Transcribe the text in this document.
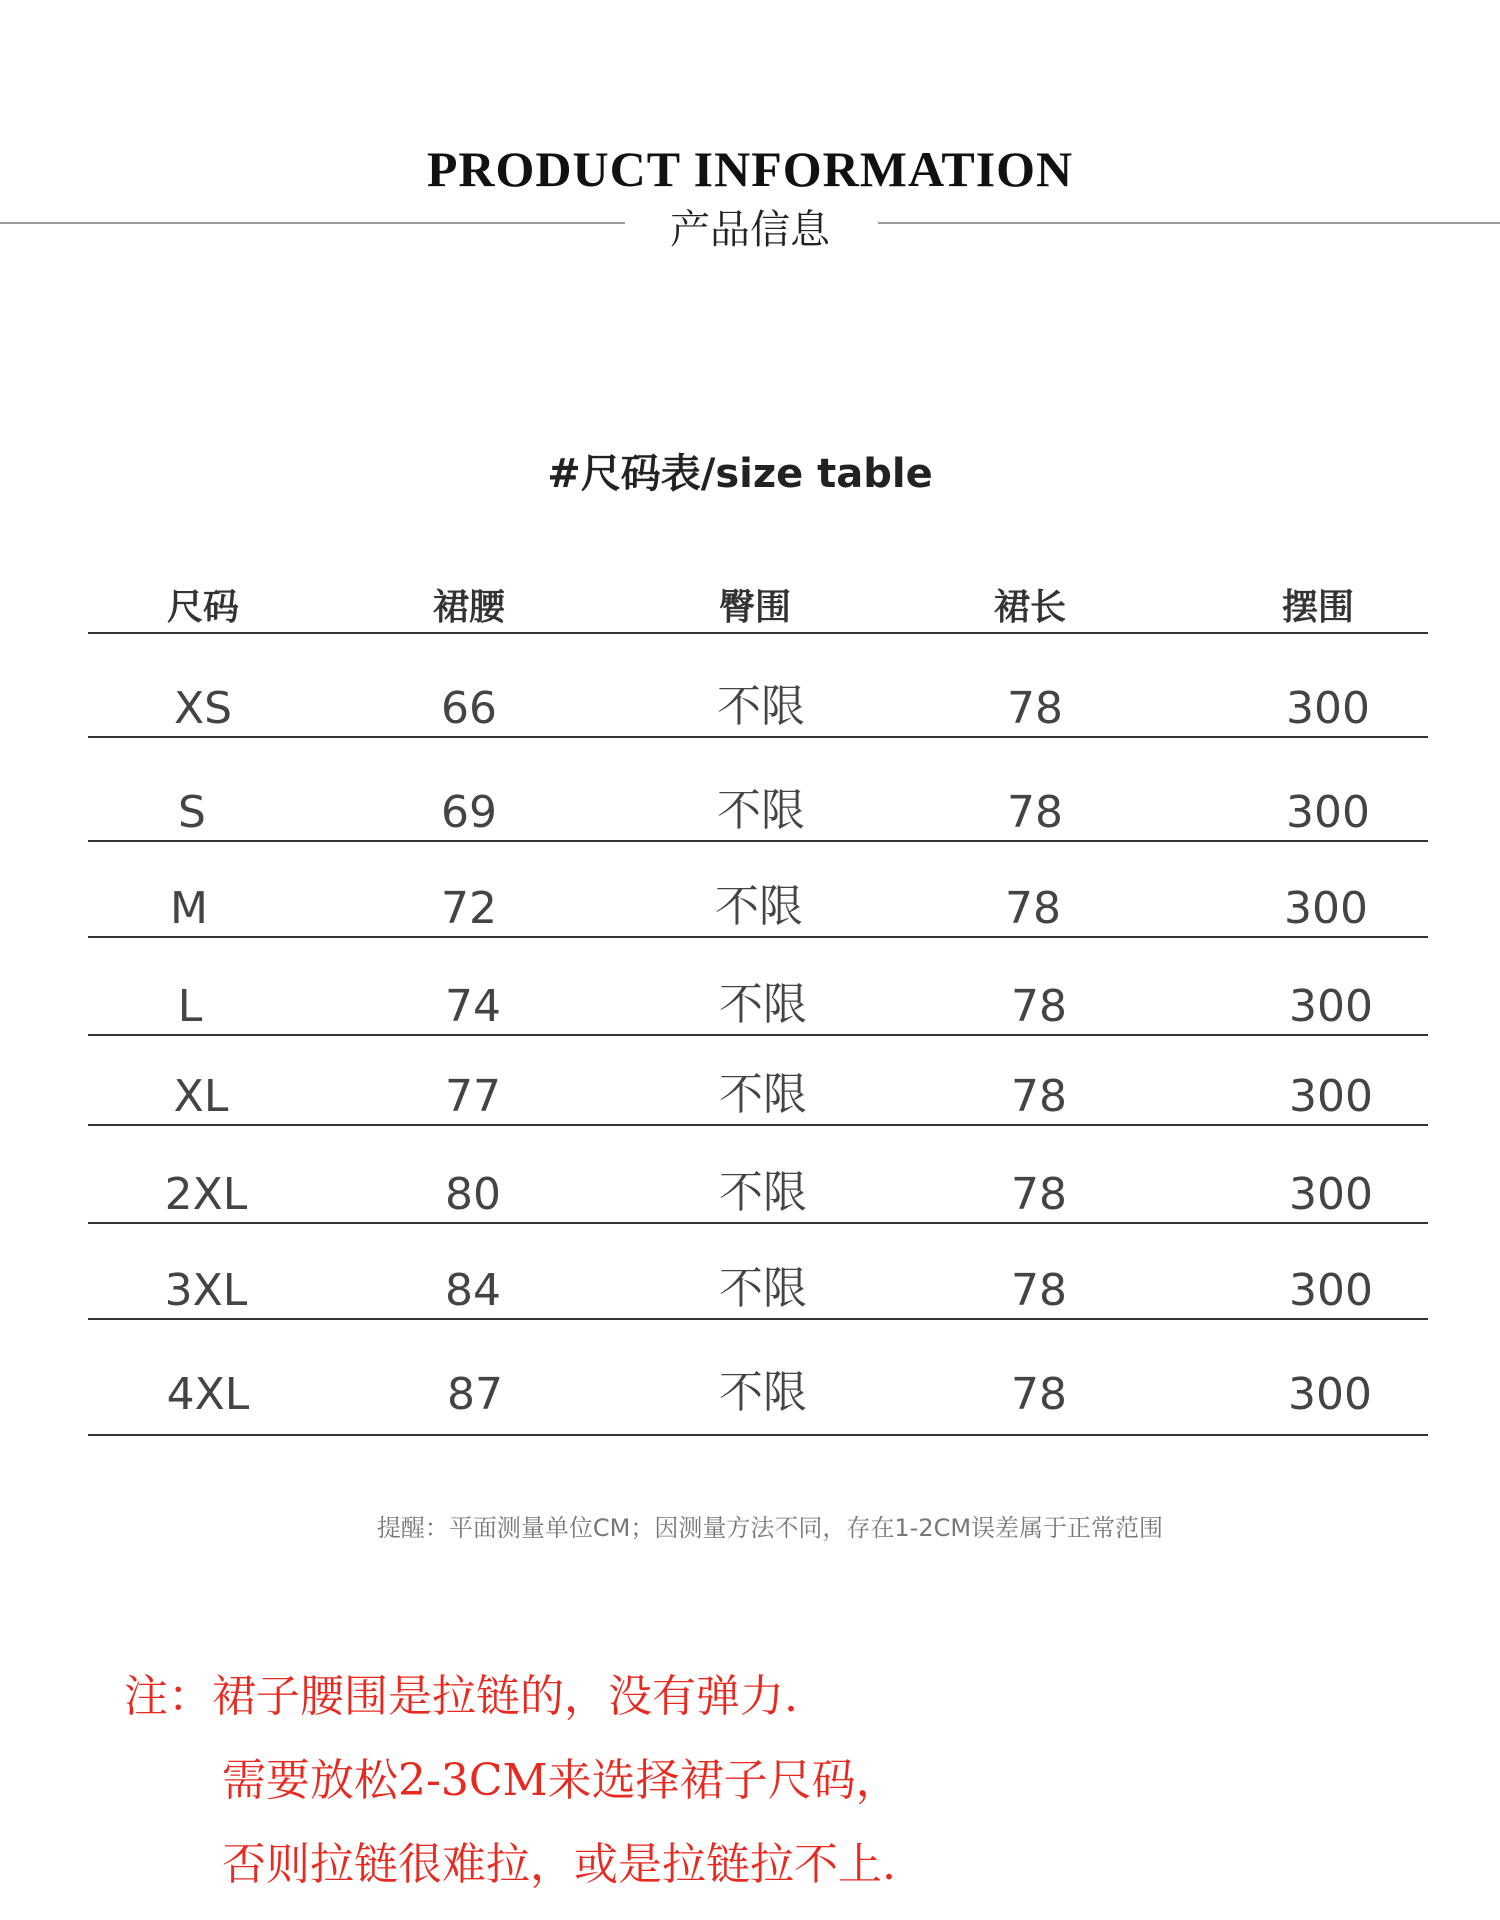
PRODUCT INFORMATION
产品信息
#尺码表/size table
尺码	裙腰	臀围	裙长	摆围
XS	66	不限	78	300
S	69	不限	78	300
M	72	不限	78	300
L	74	不限	78	300
XL	77	不限	78	300
2XL	80	不限	78	300
3XL	84	不限	78	300
4XL	87	不限	78	300
提醒：平面测量单位CM；因测量方法不同，存在1-2CM误差属于正常范围
注：裙子腰围是拉链的，没有弹力.
需要放松2-3CM来选择裙子尺码，
否则拉链很难拉，或是拉链拉不上.
